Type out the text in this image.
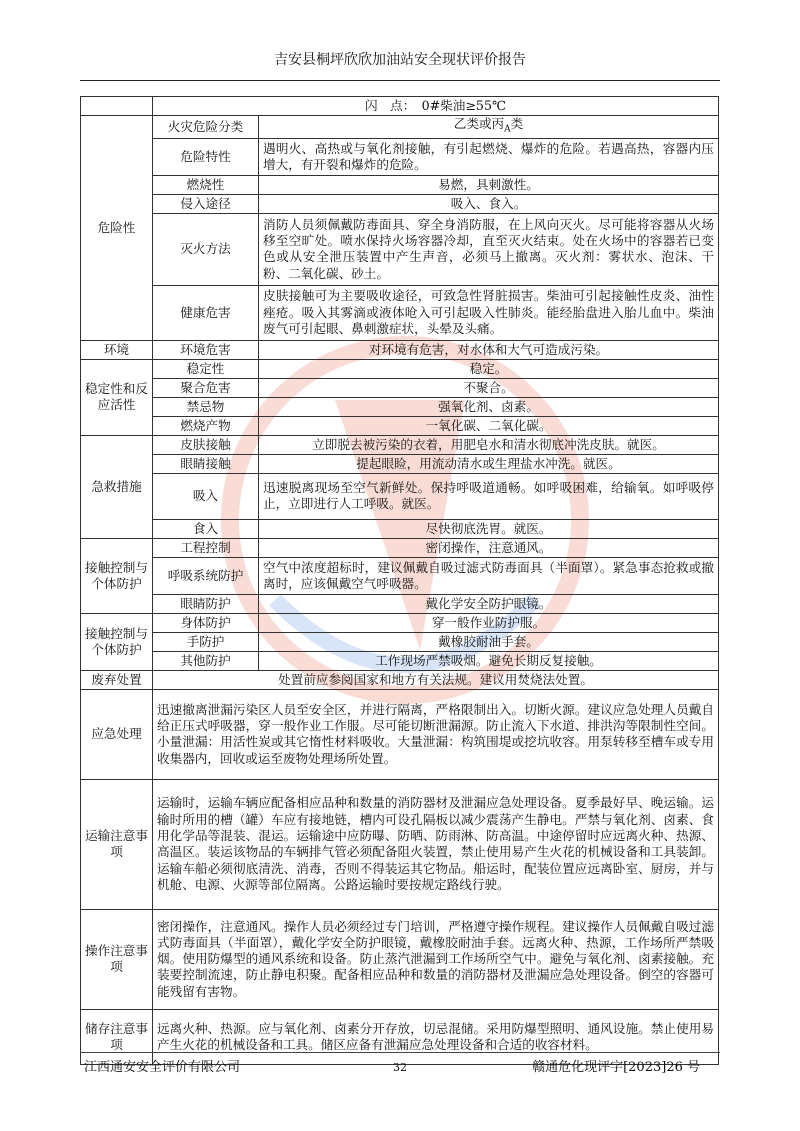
吉安县桐坪欣欣加油站安全现状评价报告
	闪　点：　0#柴油≥55℃	
危险性	火灾危险分类	乙类或丙$_A$类
	危险特性	遇明火、高热或与氧化剂接触，有引起燃烧、爆炸的危险。若遇高热，容器内压增大，有开裂和爆炸的危险。
	燃烧性	易燃，具刺激性。
	侵入途径	吸入、食入。
	灭火方法	消防人员须佩戴防毒面具、穿全身消防服，在上风向灭火。尽可能将容器从火场移至空旷处。喷水保持火场容器冷却，直至灭火结束。处在火场中的容器若已变色或从安全泄压装置中产生声音，必须马上撤离。灭火剂：雾状水、泡沫、干粉、二氧化碳、砂土。
	健康危害	皮肤接触可为主要吸收途径，可致急性肾脏损害。柴油可引起接触性皮炎、油性痤疮。吸入其雾滴或液体呛入可引起吸入性肺炎。能经胎盘进入胎儿血中。柴油废气可引起眼、鼻刺激症状，头晕及头痛。
环境	环境危害	对环境有危害，对水体和大气可造成污染。
稳定性和反应活性	稳定性	稳定。
	聚合危害	不聚合。
	禁忌物	强氧化剂、卤素。
	燃烧产物	一氧化碳、二氧化碳。
急救措施	皮肤接触	立即脱去被污染的衣着，用肥皂水和清水彻底冲洗皮肤。就医。
	眼睛接触	提起眼睑，用流动清水或生理盐水冲洗。就医。
	吸入	迅速脱离现场至空气新鲜处。保持呼吸道通畅。如呼吸困难，给输氧。如呼吸停止，立即进行人工呼吸。就医。
	食入	尽快彻底洗胃。就医。
接触控制与个体防护	工程控制	密闭操作，注意通风。
	呼吸系统防护	空气中浓度超标时，建议佩戴自吸过滤式防毒面具（半面罩）。紧急事态抢救或撤离时，应该佩戴空气呼吸器。
	眼睛防护	戴化学安全防护眼镜。
接触控制与个体防护	身体防护	穿一般作业防护服。
	手防护	戴橡胶耐油手套。
	其他防护	工作现场严禁吸烟。避免长期反复接触。
废弃处置	处置前应参阅国家和地方有关法规。建议用焚烧法处置。	
应急处理	迅速撤离泄漏污染区人员至安全区，并进行隔离，严格限制出入。切断火源。建议应急处理人员戴自给正压式呼吸器，穿一般作业工作服。尽可能切断泄漏源。防止流入下水道、排洪沟等限制性空间。小量泄漏：用活性炭或其它惰性材料吸收。大量泄漏：构筑围堤或挖坑收容。用泵转移至槽车或专用收集器内，回收或运至废物处理场所处置。	
运输注意事项	运输时，运输车辆应配备相应品种和数量的消防器材及泄漏应急处理设备。夏季最好早、晚运输。运输时所用的槽（罐）车应有接地链，槽内可设孔隔板以减少震荡产生静电。严禁与氧化剂、卤素、食用化学品等混装、混运。运输途中应防曝、防晒、防雨淋、防高温。中途停留时应远离火种、热源、高温区。装运该物品的车辆排气管必须配备阻火装置，禁止使用易产生火花的机械设备和工具装卸。运输车船必须彻底清洗、消毒，否则不得装运其它物品。船运时，配装位置应远离卧室、厨房，并与机舱、电源、火源等部位隔离。公路运输时要按规定路线行驶。	
操作注意事项	密闭操作，注意通风。操作人员必须经过专门培训，严格遵守操作规程。建议操作人员佩戴自吸过滤式防毒面具（半面罩），戴化学安全防护眼镜，戴橡胶耐油手套。远离火种、热源，工作场所严禁吸烟。使用防爆型的通风系统和设备。防止蒸汽泄漏到工作场所空气中。避免与氧化剂、卤素接触。充装要控制流速，防止静电积聚。配备相应品种和数量的消防器材及泄漏应急处理设备。倒空的容器可能残留有害物。	
储存注意事项	远离火种、热源。应与氧化剂、卤素分开存放，切忌混储。采用防爆型照明、通风设施。禁止使用易产生火花的机械设备和工具。储区应备有泄漏应急处理设备和合适的收容材料。	
江西通安安全评价有限公司	32	赣通危化现评字[2023]26 号
